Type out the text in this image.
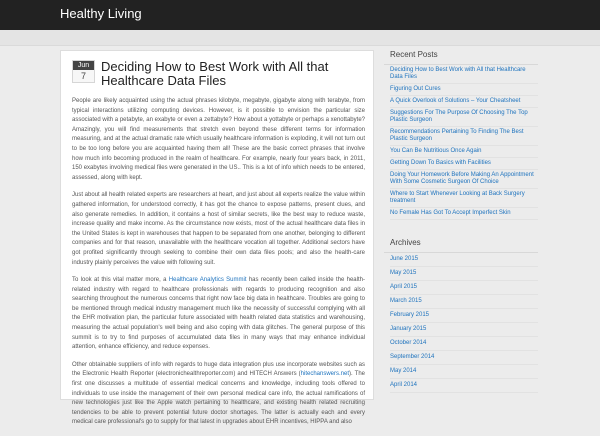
Healthy Living
Jun
7
Deciding How to Best Work with All that Healthcare Data Files

People are likely acquainted using the actual phrases kilobyte, megabyte, gigabyte along with terabyte, from typical interactions utilizing computing devices. However, is it possible to envision the particular size associated with a petabyte, an exabyte or even a zettabyte? How about a yottabyte or perhaps a xenottabyte? Amazingly, you will find measurements that stretch even beyond these different terms for information measuring, and at the actual dramatic rate which usually healthcare information is exploding, it will not turn out to be too long before you are acquainted having them all! These are the basic correct phrases that involve how much info becoming produced in the realm of healthcare. For example, nearly four years back, in 2011, 150 exabytes involving medical files were generated in the US.. This is a lot of info which needs to be entered, assessed, along with kept.

Just about all health related experts are researchers at heart, and just about all experts realize the value within gathered information, for understood correctly, it has got the chance to expose patterns, present clues, and also generate remedies. In addition, it contains a host of similar secrets, like the best way to reduce waste, increase quality and make income. As the circumstance now exists, most of the actual healthcare data files in the United States is kept in warehouses that happen to be separated from one another, belonging to different companies and for that reason, unavailable with the healthcare vocation all together. Additional sectors have got profited significantly through seeking to combine their own data files pools; and also the health-care industry plainly perceives the value with following suit.

To look at this vital matter more, a Healthcare Analytics Summit has recently been called inside the health-related industry with regard to healthcare professionals with regards to producing recognition and also searching throughout the numerous concerns that right now face big data in healthcare. Troubles are going to be mentioned through medical industry management much like the necessity of successful complying with all the EHR motivation plan, the particular future associated with health related data statistics and warehousing, measuring the actual population's well being and also coping with data glitches. The general purpose of this summit is to try to find purposes of accumulated data files in many ways that may enhance individual attention, enhance efficiency, and reduce expenses.

Other obtainable suppliers of info with regards to huge data integration plus use incorporate websites such as the Electronic Health Reporter (electronichealthreporter.com) and HITECH Answers (hitechanswers.net). The first one discusses a multitude of essential medical concerns and knowledge, including tools offered to individuals to use inside the management of their own personal medical care info, the actual ramifications of new technologies just like the Apple watch pertaining to healthcare, and existing health related recruiting tendencies to be able to prevent potential future doctor shortages. The latter is actually each and every medical care professional's go to supply for that latest in upgrades about EHR incentives, HIPPA and also

Recent Posts
Deciding How to Best Work with All that Healthcare Data Files
Figuring Out Cures
A Quick Overlook of Solutions – Your Cheatsheet
Suggestions For The Purpose Of Choosing The Top Plastic Surgeon
Recommendations Pertaining To Finding The Best Plastic Surgeon
You Can Be Nutritious Once Again
Getting Down To Basics with Facilities
Doing Your Homework Before Making An Appointment With Some Cosmetic Surgeon Of Choice
Where to Start Whenever Looking at Back Surgery treatment
No Female Has Got To Accept Imperfect Skin
Archives
June 2015
May 2015
April 2015
March 2015
February 2015
January 2015
October 2014
September 2014
May 2014
April 2014
